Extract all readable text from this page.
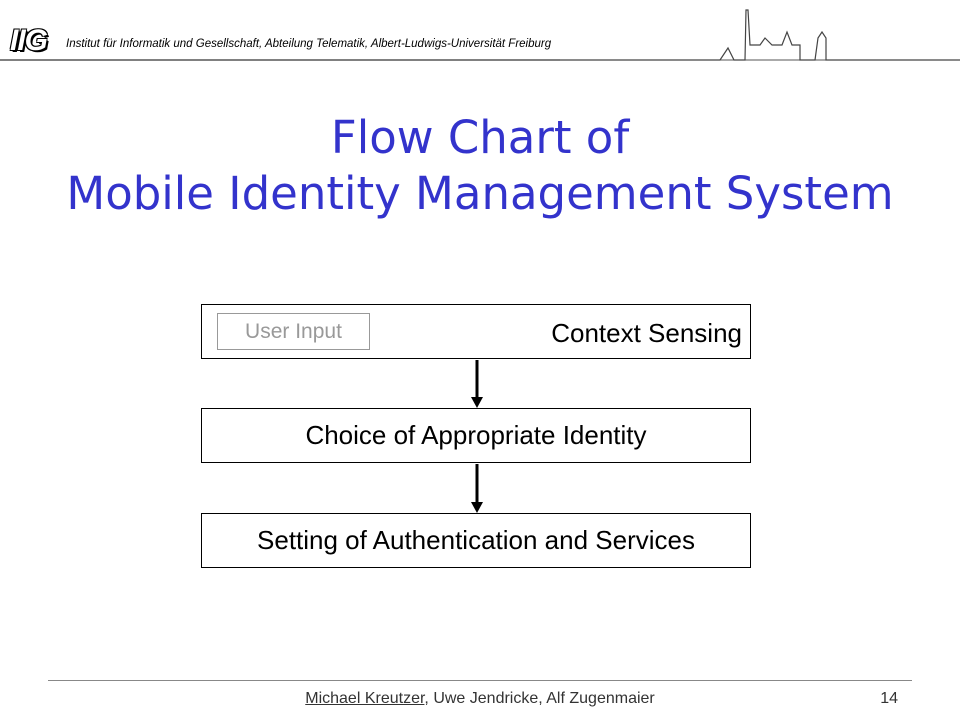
IIG Institut für Informatik und Gesellschaft, Abteilung Telematik, Albert-Ludwigs-Universität Freiburg
Flow Chart of
Mobile Identity Management System
User Input	Context Sensing
Choice of Appropriate Identity
Setting of Authentication and Services
Michael Kreutzer, Uwe Jendricke, Alf Zugenmaier	14
